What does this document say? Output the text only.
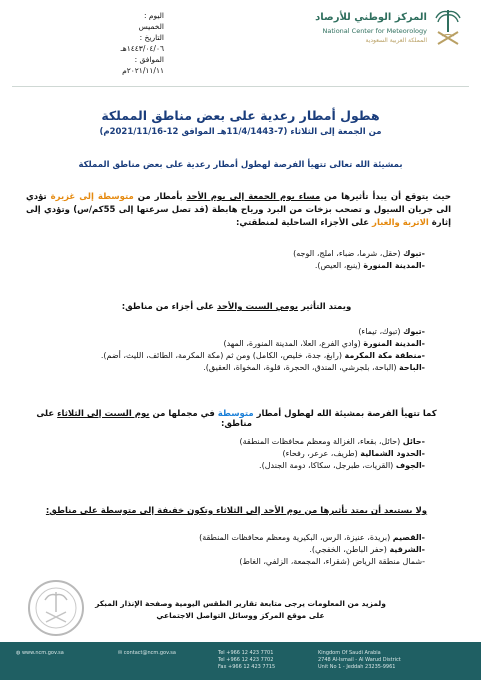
اليوم :الخميس
التاريخ :١٤٤٣/٠٤/٠٦هـ
الموافق :٢٠٢١/١١/١١م
المركز الوطني للأرصاد
National Center for Meteorology
المملكة العربية السعودية
هطول أمطار رعدية على بعض مناطق المملكة
من الجمعة إلى الثلاثاء (7-11/4/1443هـ الموافق 12-2021/11/16م)
بمشيئة الله تعالى تتهيأ الفرصة لهطول أمطار رعدية على بعض مناطق المملكة
حيث يتوقع أن يبدأ تأثيرها من مساء يوم الجمعة إلى يوم الأحد بأمطار من متوسطة إلى غزيرة تؤدي الى جريان السيول و تصحب بزخات من البرد ورياح هابطة (قد تصل سرعتها إلى 55كم/س) وتؤدي إلى إثارة الاتربة والغبار على الأجزاء الساحلية لمنطقتي:
-تبوك (حقل، شرما، ضباء، املج، الوجه)
-المدينة المنورة (ينبع، العيص).
ويمتد التأثير يومي السبت والأحد على أجزاء من مناطق:
-تبوك (تبوك، تيماء)
-المدينة المنورة (وادي الفرع، العلا، المدينة المنورة، المهد)
-منطقة مكة المكرمة (رابغ، جدة، خليص، الكامل) ومن ثم (مكة المكرمة، الطائف، الليث، أضم).
-الباحة (الباحة، بلجرشي، المندق، الحجرة، قلوة، المخواة، العقيق).
كما تتهيأ الفرصة بمشيئة الله لهطول أمطار متوسطة في مجملها من يوم السبت إلى الثلاثاء على مناطق:
-حائل (حائل، بقعاء، الغزالة ومعظم محافظات المنطقة)
-الحدود الشمالية (طريف، عرعر، رفحاء)
-الجوف (القريات، طبرجل، سكاكا، دومة الجندل).
ولا يستبعد أن يمتد تأثيرها من يوم الأحد إلى الثلاثاء وتكون خفيفة إلى متوسطة على مناطق:
-القصيم (بريدة، عنيزة، الرس، البكيرية ومعظم محافظات المنطقة)
-الشرقية (حفر الباطن، الخفجي).
-شمال منطقة الرياض (شقراء، المجمعة، الزلفي، الغاط)
ولمزيد من المعلومات يرجى متابعة تقارير الطقس اليومية وصفحة الإنذار المبكر
على موقع المركز ووسائل التواصل الاجتماعي
◍ www.ncm.gov.sa	✉ contact@ncm.gov.sa	Tel +966 12 423 7701
Tel +966 12 423 7702
Fax +966 12 423 7715
Kingdom Of Saudi Arabia
2748 Al-Ismail - Al Warud District
Unit No 1 - Jeddah 23235-9961
